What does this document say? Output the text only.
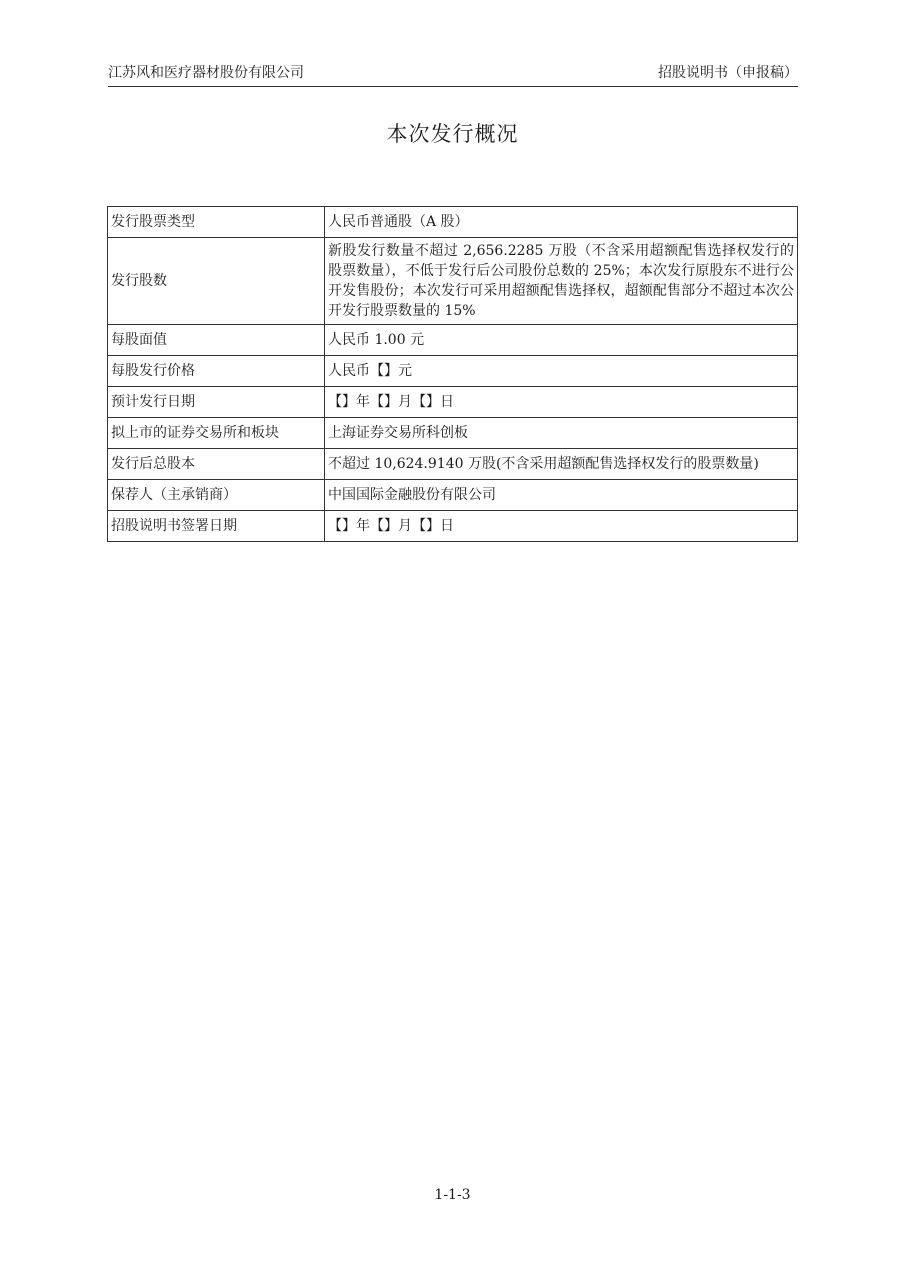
江苏风和医疗器材股份有限公司	招股说明书（申报稿）
本次发行概况
发行股票类型	人民币普通股（A 股）
发行股数	新股发行数量不超过 2,656.2285 万股（不含采用超额配售选择权发行的股票数量），不低于发行后公司股份总数的 25%；本次发行原股东不进行公开发售股份；本次发行可采用超额配售选择权，超额配售部分不超过本次公开发行股票数量的 15%
每股面值	人民币 1.00 元
每股发行价格	人民币【】元
预计发行日期	【】年【】月【】日
拟上市的证券交易所和板块	上海证券交易所科创板
发行后总股本	不超过 10,624.9140 万股(不含采用超额配售选择权发行的股票数量)
保荐人（主承销商）	中国国际金融股份有限公司
招股说明书签署日期	【】年【】月【】日
1-1-3
